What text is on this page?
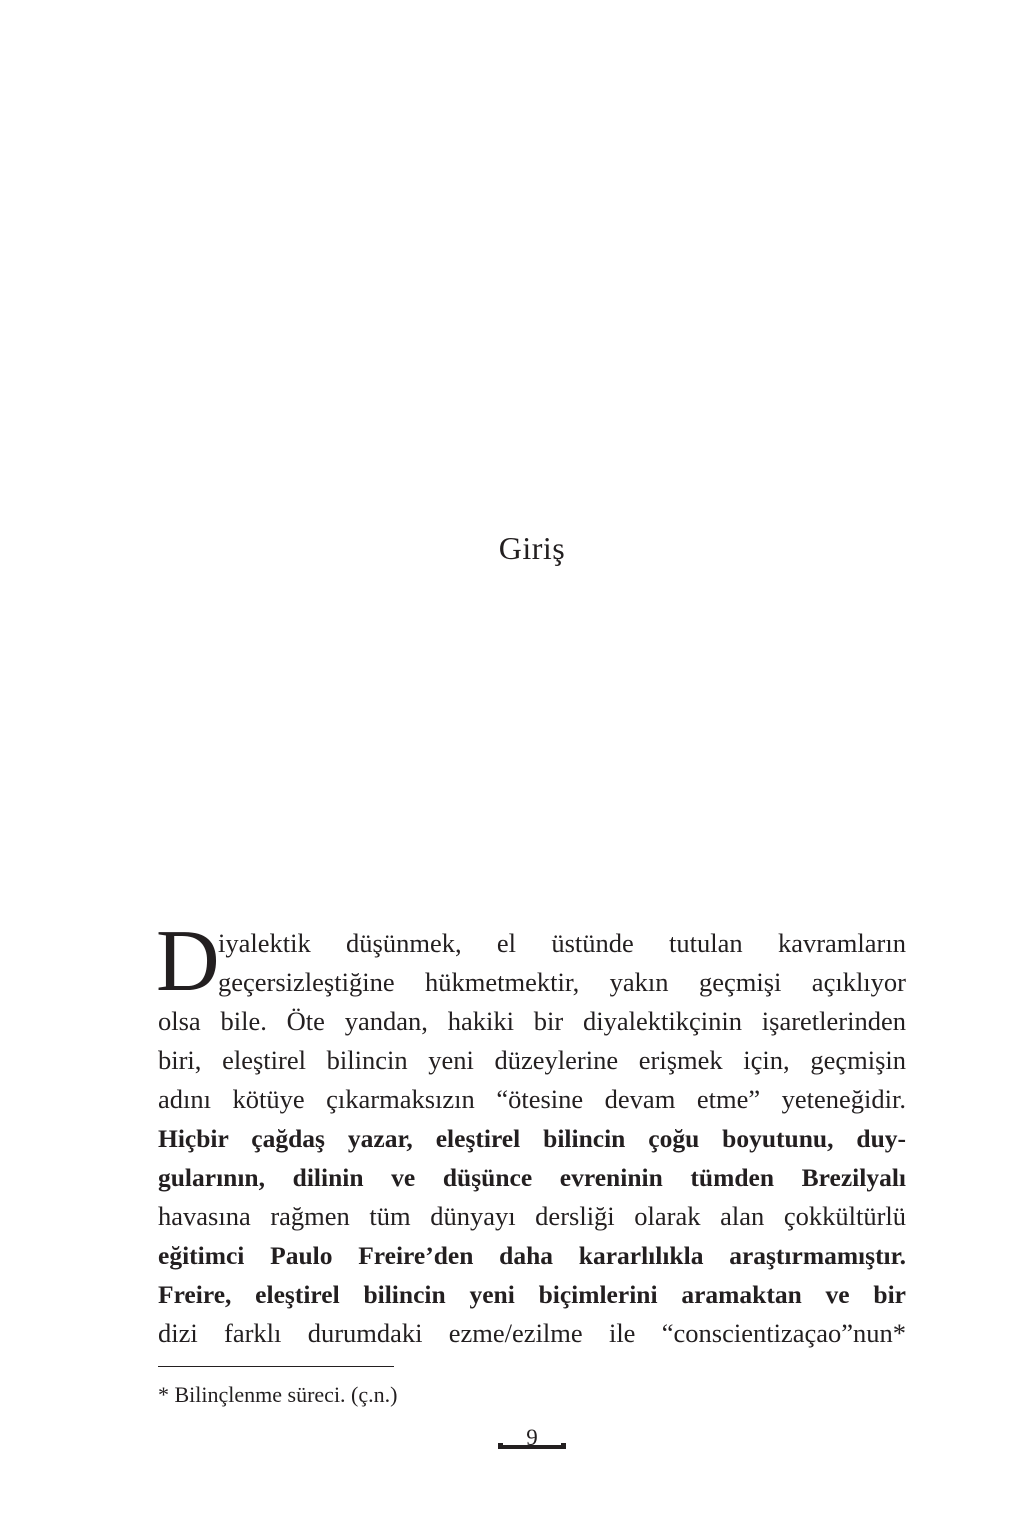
Giriş
D
iyalektik düşünmek, el üstünde tutulan kavramların
geçersizleştiğine hükmetmektir, yakın geçmişi açıklıyor
olsa bile. Öte yandan, hakiki bir diyalektikçinin işaretlerinden
biri, eleştirel bilincin yeni düzeylerine erişmek için, geçmişin
adını kötüye çıkarmaksızın “ötesine devam etme” yeteneğidir.
Hiçbir çağdaş yazar, eleştirel bilincin çoğu boyutunu, duy-
gularının, dilinin ve düşünce evreninin tümden Brezilyalı
havasına rağmen tüm dünyayı dersliği olarak alan çokkültürlü
eğitimci Paulo Freire’den daha kararlılıkla araştırmamıştır.
Freire, eleştirel bilincin yeni biçimlerini aramaktan ve bir
dizi farklı durumdaki ezme/ezilme ile “conscientizaçao”nun*
* Bilinçlenme süreci. (ç.n.)
9
